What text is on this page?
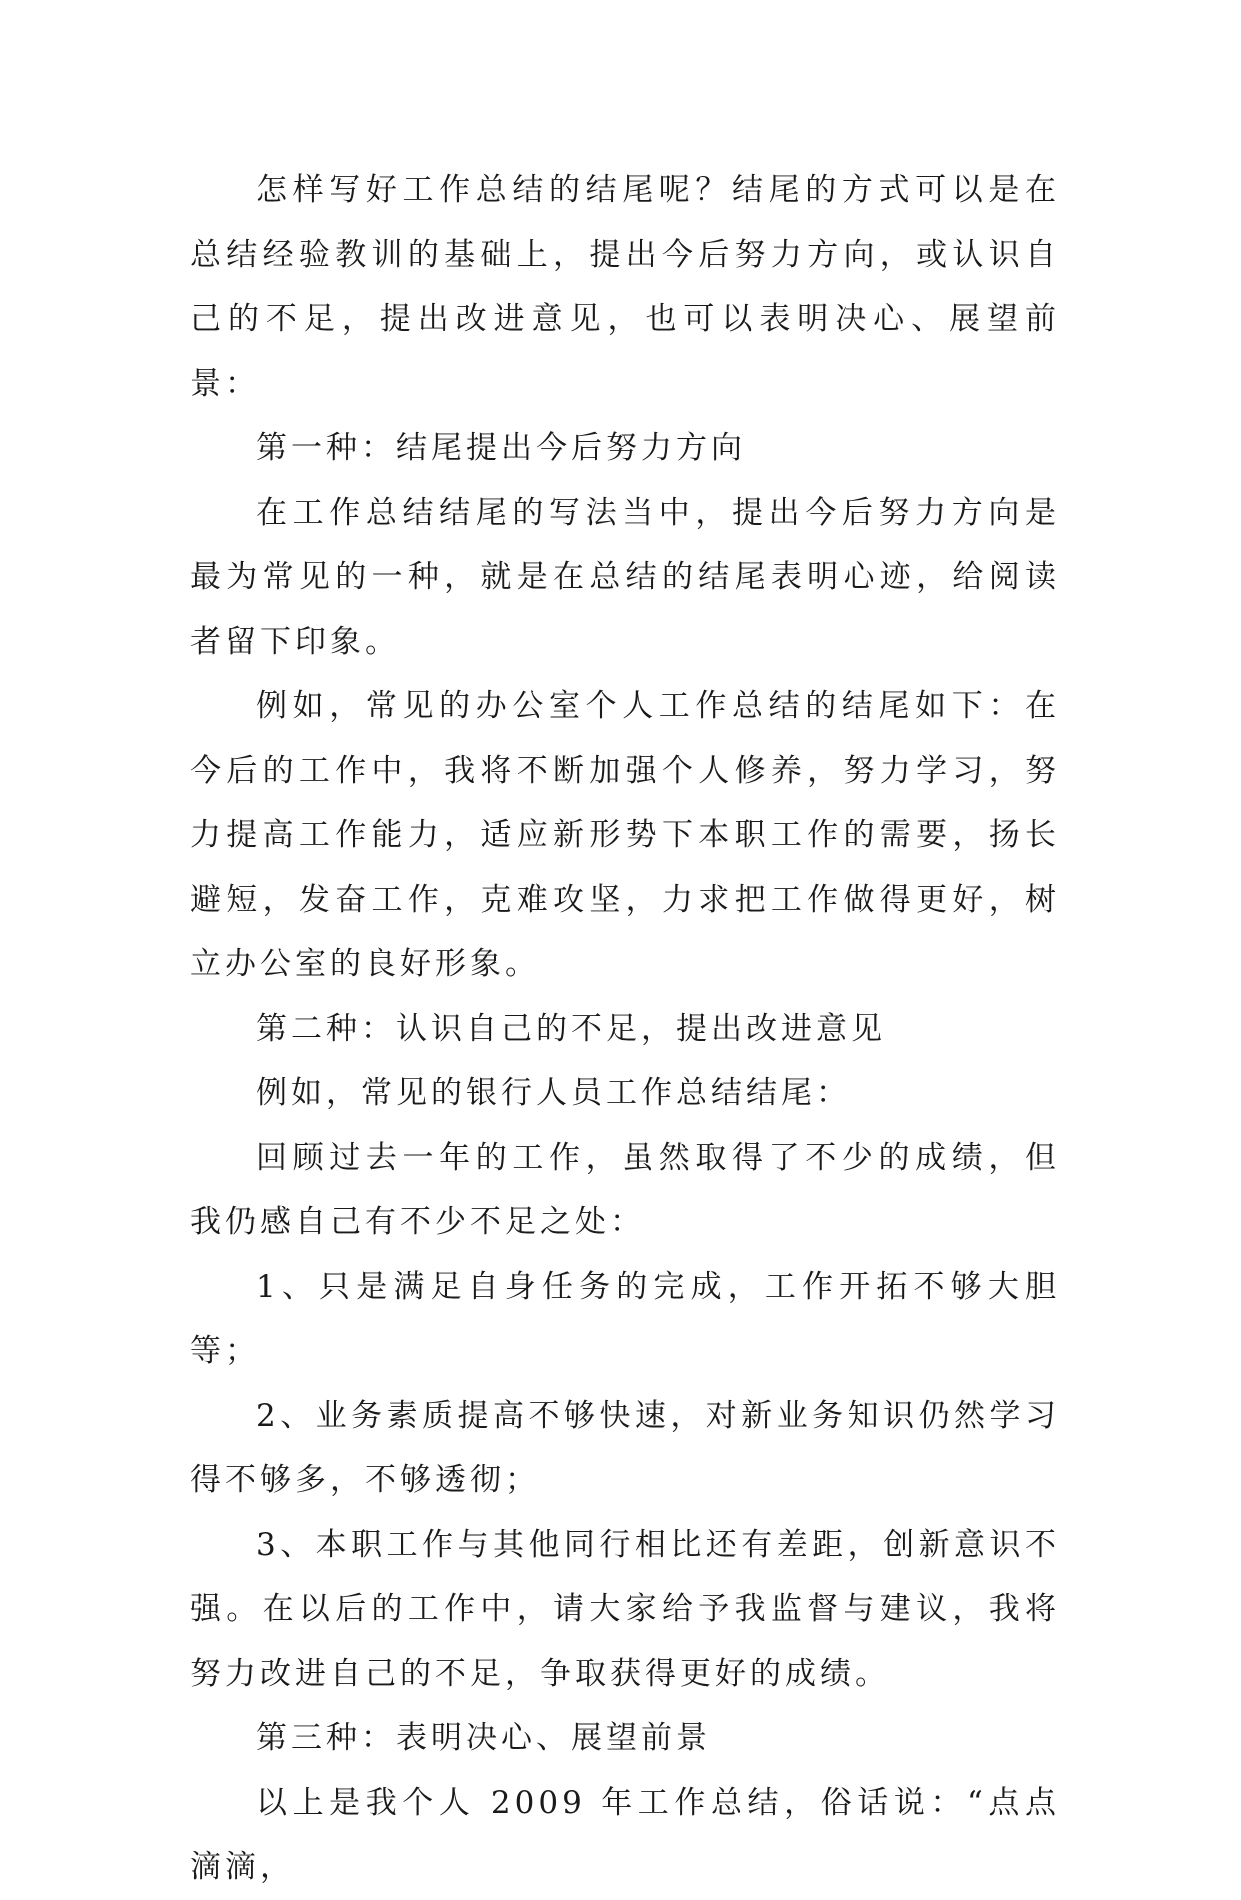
怎样写好工作总结的结尾呢？结尾的方式可以是在总结经验教训的基础上，提出今后努力方向，或认识自己的不足，提出改进意见，也可以表明决心、展望前景：

第一种：结尾提出今后努力方向

在工作总结结尾的写法当中，提出今后努力方向是最为常见的一种，就是在总结的结尾表明心迹，给阅读者留下印象。

例如，常见的办公室个人工作总结的结尾如下：在今后的工作中，我将不断加强个人修养，努力学习，努力提高工作能力，适应新形势下本职工作的需要，扬长避短，发奋工作，克难攻坚，力求把工作做得更好，树立办公室的良好形象。

第二种：认识自己的不足，提出改进意见

例如，常见的银行人员工作总结结尾：

回顾过去一年的工作，虽然取得了不少的成绩，但我仍感自己有不少不足之处：

1、只是满足自身任务的完成，工作开拓不够大胆等；

2、业务素质提高不够快速，对新业务知识仍然学习得不够多，不够透彻；

3、本职工作与其他同行相比还有差距，创新意识不强。在以后的工作中，请大家给予我监督与建议，我将努力改进自己的不足，争取获得更好的成绩。

第三种：表明决心、展望前景

以上是我个人 2009 年工作总结，俗话说：“点点滴滴，
